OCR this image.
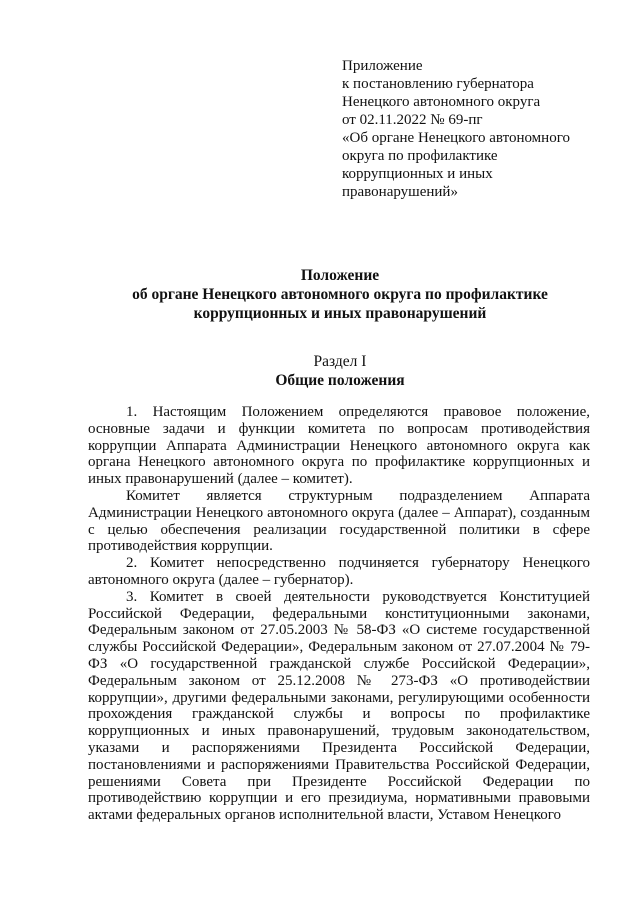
Приложение
к постановлению губернатора
Ненецкого автономного округа
от 02.11.2022 № 69-пг
«Об органе Ненецкого автономного
округа по профилактике
коррупционных и иных
правонарушений»
Положение
об органе Ненецкого автономного округа по профилактике
коррупционных и иных правонарушений
Раздел I
Общие положения

1. Настоящим Положением определяются правовое положение, основные задачи и функции комитета по вопросам противодействия коррупции Аппарата Администрации Ненецкого автономного округа как органа Ненецкого автономного округа по профилактике коррупционных и иных правонарушений (далее – комитет).

Комитет является структурным подразделением Аппарата Администрации Ненецкого автономного округа (далее – Аппарат), созданным с целью обеспечения реализации государственной политики в сфере противодействия коррупции.

2. Комитет непосредственно подчиняется губернатору Ненецкого автономного округа (далее – губернатор).

3. Комитет в своей деятельности руководствуется Конституцией Российской Федерации, федеральными конституционными законами, Федеральным законом от 27.05.2003 № 58-ФЗ «О системе государственной службы Российской Федерации», Федеральным законом от 27.07.2004 № 79-ФЗ «О государственной гражданской службе Российской Федерации», Федеральным законом от 25.12.2008 № 273-ФЗ «О противодействии коррупции», другими федеральными законами, регулирующими особенности прохождения гражданской службы и вопросы по профилактике коррупционных и иных правонарушений, трудовым законодательством, указами и распоряжениями Президента Российской Федерации, постановлениями и распоряжениями Правительства Российской Федерации, решениями Совета при Президенте Российской Федерации по противодействию коррупции и его президиума, нормативными правовыми актами федеральных органов исполнительной власти, Уставом Ненецкого
